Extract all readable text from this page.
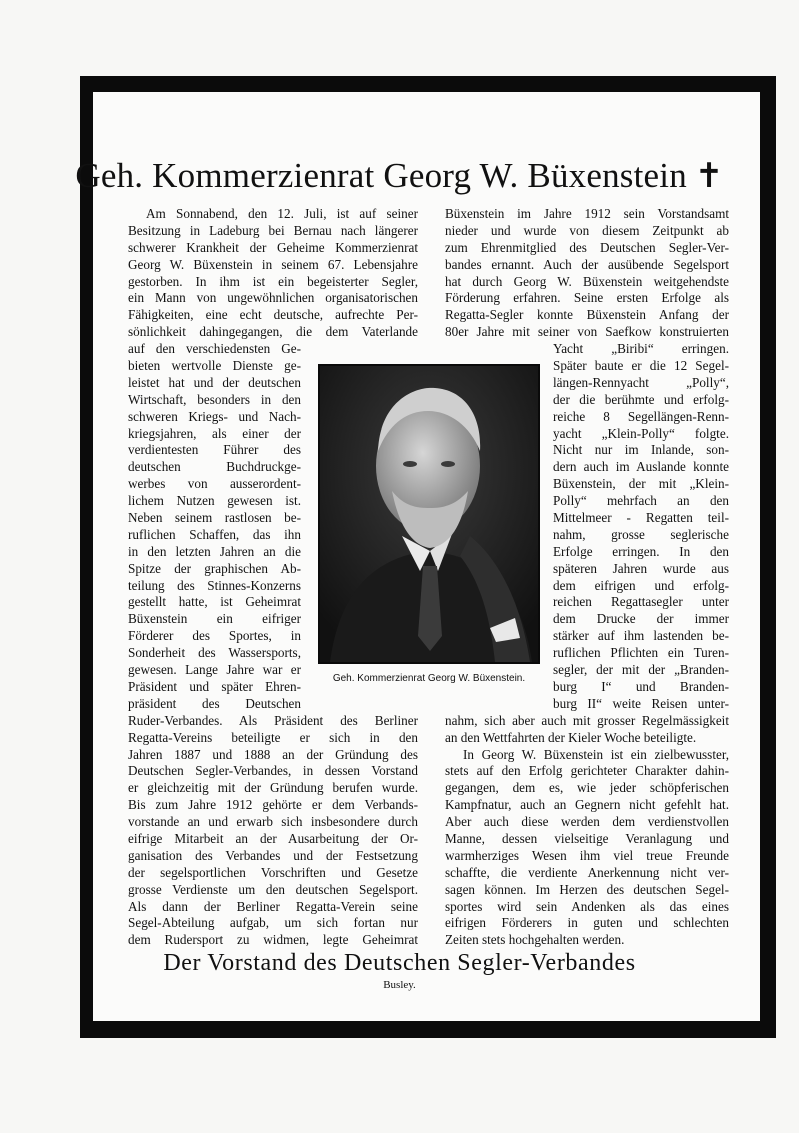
Geh. Kommerzienrat Georg W. Büxenstein ✝
Am Sonnabend, den 12. Juli, ist auf seiner
Besitzung in Ladeburg bei Bernau nach längerer
schwerer Krankheit der Geheime Kommerzienrat
Georg W. Büxenstein in seinem 67. Lebensjahre
gestorben. In ihm ist ein begeisterter Segler,
ein Mann von ungewöhnlichen organisatorischen
Fähigkeiten, eine echt deutsche, aufrechte Per-
sönlichkeit dahingegangen, die dem Vaterlande
auf den verschiedensten Ge-
bieten wertvolle Dienste ge-
leistet hat und der deutschen
Wirtschaft, besonders in den
schweren Kriegs- und Nach-
kriegsjahren, als einer der
verdientesten Führer des
deutschen Buchdruckge-
werbes von ausserordent-
lichem Nutzen gewesen ist.
Neben seinem rastlosen be-
ruflichen Schaffen, das ihn
in den letzten Jahren an die
Spitze der graphischen Ab-
teilung des Stinnes-Konzerns
gestellt hatte, ist Geheimrat
Büxenstein ein eifriger
Förderer des Sportes, in
Sonderheit des Wassersports,
gewesen. Lange Jahre war er
Präsident und später Ehren-
präsident des Deutschen
Ruder-Verbandes. Als Präsident des Berliner
Regatta-Vereins beteiligte er sich in den
Jahren 1887 und 1888 an der Gründung des
Deutschen Segler-Verbandes, in dessen Vorstand
er gleichzeitig mit der Gründung berufen wurde.
Bis zum Jahre 1912 gehörte er dem Verbands-
vorstande an und erwarb sich insbesondere durch
eifrige Mitarbeit an der Ausarbeitung der Or-
ganisation des Verbandes und der Festsetzung
der segelsportlichen Vorschriften und Gesetze
grosse Verdienste um den deutschen Segelsport.
Als dann der Berliner Regatta-Verein seine
Segel-Abteilung aufgab, um sich fortan nur
dem Rudersport zu widmen, legte Geheimrat
Büxenstein im Jahre 1912 sein Vorstandsamt
nieder und wurde von diesem Zeitpunkt ab
zum Ehrenmitglied des Deutschen Segler-Ver-
bandes ernannt. Auch der ausübende Segelsport
hat durch Georg W. Büxenstein weitgehendste
Förderung erfahren. Seine ersten Erfolge als
Regatta-Segler konnte Büxenstein Anfang der
80er Jahre mit seiner von Saefkow konstruierten
Yacht „Biribi“ erringen.
Später baute er die 12 Segel-
längen-Rennyacht „Polly“,
der die berühmte und erfolg-
reiche 8 Segellängen-Renn-
yacht „Klein-Polly“ folgte.
Nicht nur im Inlande, son-
dern auch im Auslande konnte
Büxenstein, der mit „Klein-
Polly“ mehrfach an den
Mittelmeer - Regatten teil-
nahm, grosse seglerische
Erfolge erringen. In den
späteren Jahren wurde aus
dem eifrigen und erfolg-
reichen Regattasegler unter
dem Drucke der immer
stärker auf ihm lastenden be-
ruflichen Pflichten ein Turen-
segler, der mit der „Branden-
burg I“ und Branden-
burg II“ weite Reisen unter-
nahm, sich aber auch mit grosser Regelmässigkeit
an den Wettfahrten der Kieler Woche beteiligte.
In Georg W. Büxenstein ist ein zielbewusster,
stets auf den Erfolg gerichteter Charakter dahin-
gegangen, dem es, wie jeder schöpferischen
Kampfnatur, auch an Gegnern nicht gefehlt hat.
Aber auch diese werden dem verdienstvollen
Manne, dessen vielseitige Veranlagung und
warmherziges Wesen ihm viel treue Freunde
schaffte, die verdiente Anerkennung nicht ver-
sagen können. Im Herzen des deutschen Segel-
sportes wird sein Andenken als das eines
eifrigen Förderers in guten und schlechten
Zeiten stets hochgehalten werden.
Geh. Kommerzienrat Georg W. Büxenstein.
Der Vorstand des Deutschen Segler-Verbandes
Busley.
